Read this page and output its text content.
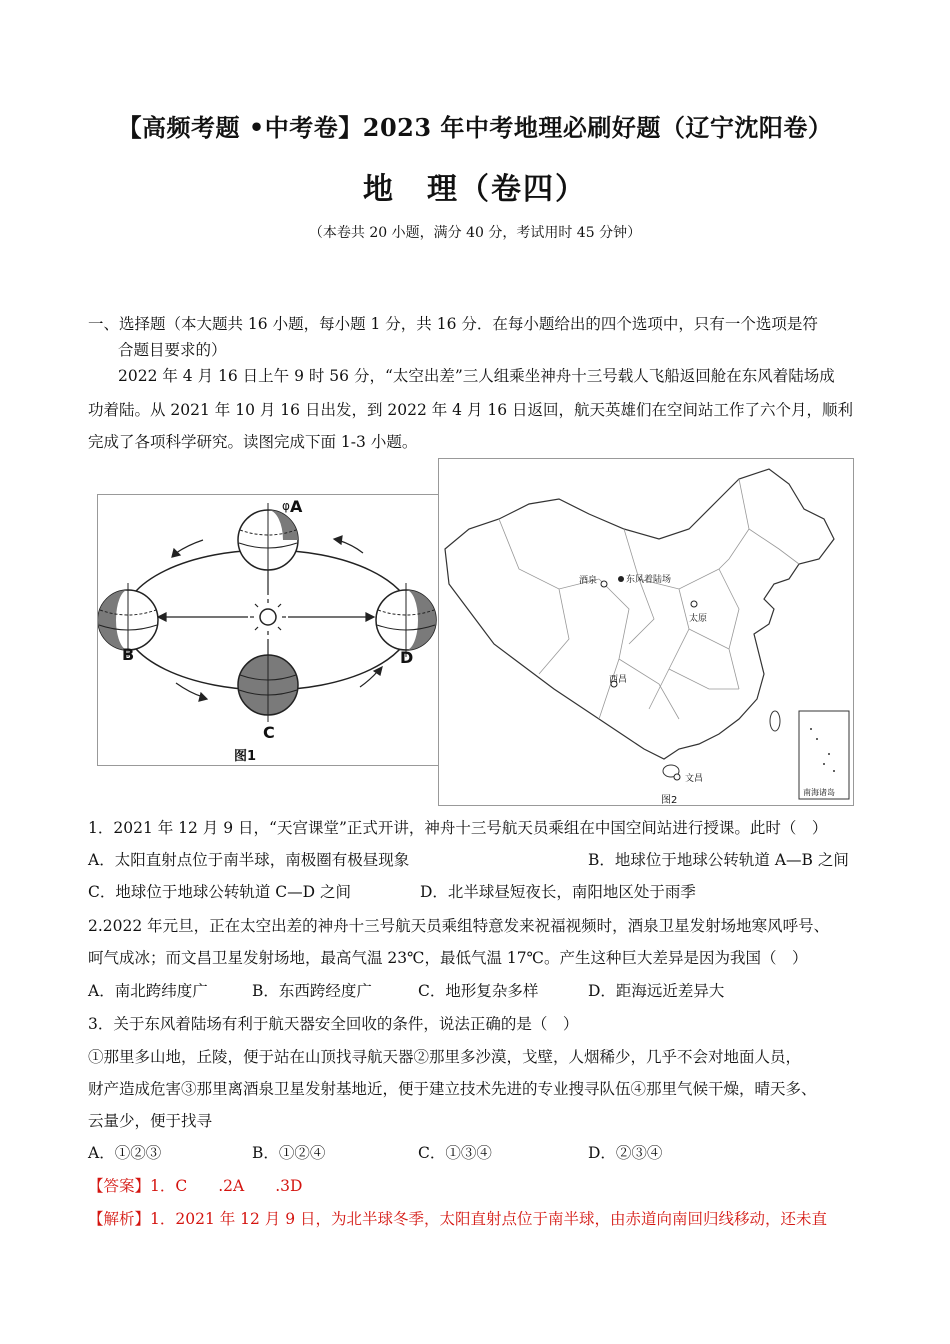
【高频考题 •中考卷】2023 年中考地理必刷好题（辽宁沈阳卷）
地　理（卷四）
（本卷共 20 小题，满分 40 分，考试用时 45 分钟）
一、选择题（本大题共 16 小题，每小题 1 分，共 16 分．在每小题给出的四个选项中，只有一个选项是符
合题目要求的）
2022 年 4 月 16 日上午 9 时 56 分，“太空出差”三人组乘坐神舟十三号载人飞船返回舱在东风着陆场成
功着陆。从 2021 年 10 月 16 日出发，到 2022 年 4 月 16 日返回，航天英雄们在空间站工作了六个月，顺利
完成了各项科学研究。读图完成下面 1-3 小题。
A
φ
B
C
D
图1
酒泉	东风着陆场
太原
西昌
文昌
南海诸岛
图2
1．2021 年 12 月 9 日，“天宫课堂”正式开讲，神舟十三号航天员乘组在中国空间站进行授课。此时（　）
A．太阳直射点位于南半球，南极圈有极昼现象	B．地球位于地球公转轨道 A—B 之间
C．地球位于地球公转轨道 C—D 之间	D．北半球昼短夜长，南阳地区处于雨季
2.2022 年元旦，正在太空出差的神舟十三号航天员乘组特意发来祝福视频时，酒泉卫星发射场地寒风呼号、
呵气成冰；而文昌卫星发射场地，最高气温 23℃，最低气温 17℃。产生这种巨大差异是因为我国（　）
A．南北跨纬度广	B．东西跨经度广	C．地形复杂多样	D．距海远近差异大
3．关于东风着陆场有利于航天器安全回收的条件，说法正确的是（　）
①那里多山地，丘陵，便于站在山顶找寻航天器②那里多沙漠，戈壁，人烟稀少，几乎不会对地面人员，
财产造成危害③那里离酒泉卫星发射基地近，便于建立技术先进的专业搜寻队伍④那里气候干燥，晴天多、
云量少，便于找寻
A．①②③	B．①②④	C．①③④	D．②③④
【答案】1．C　　.2A　　.3D
【解析】1．2021 年 12 月 9 日，为北半球冬季，太阳直射点位于南半球，由赤道向南回归线移动，还未直
